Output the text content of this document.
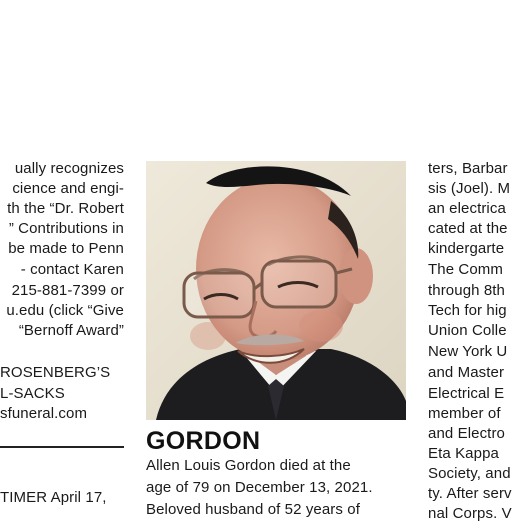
ually recognizes
cience and engi-
th the “Dr. Robert
” Contributions in
be made to Penn
- contact Karen
215-881-7399 or
u.edu (click “Give
“Bernoff Award”
ROSENBERG’S
L-SACKS
sfuneral.com
TIMER April 17,
GORDON
Allen Louis Gordon died at the
age of 79 on December 13, 2021.
Beloved husband of 52 years of
ters, Barbar
sis (Joel). M
an electrica
cated at the
kindergarte
The Comm
through 8th
Tech for hig
Union Colle
New York U
and Master
Electrical E
member of
and Electro
Eta Kappa
Society, and
ty. After serv
nal Corps. V
